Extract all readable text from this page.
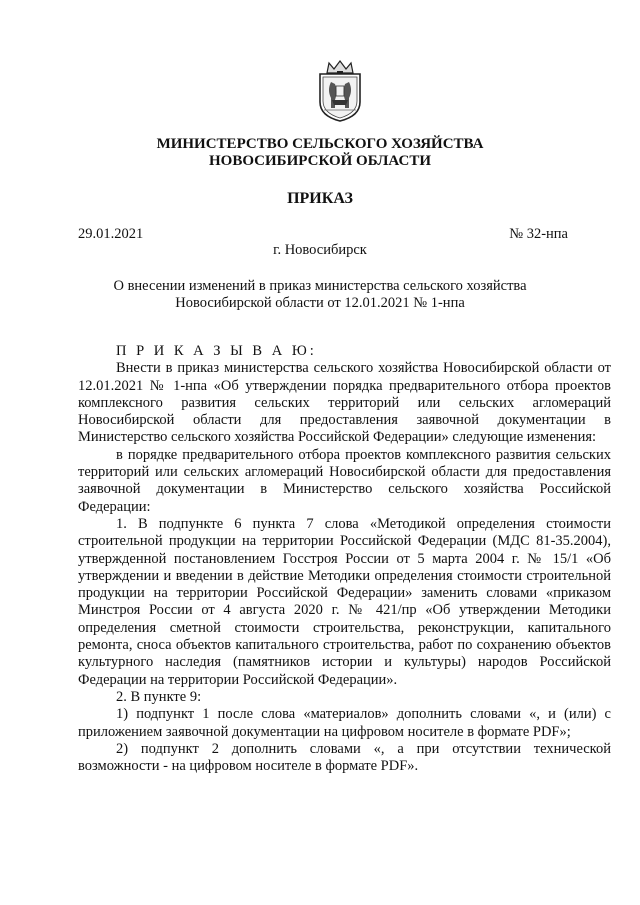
МИНИСТЕРСТВО СЕЛЬСКОГО ХОЗЯЙСТВА
НОВОСИБИРСКОЙ ОБЛАСТИ
ПРИКАЗ
29.01.2021	№ 32-нпа
г. Новосибирск
О внесении изменений в приказ министерства сельского хозяйства
Новосибирской области от 12.01.2021 № 1-нпа

П Р И К А З Ы В А Ю:

Внести в приказ министерства сельского хозяйства Новосибирской области от 12.01.2021 № 1-нпа «Об утверждении порядка предварительного отбора проектов комплексного развития сельских территорий или сельских агломераций Новосибирской области для предоставления заявочной документации в Министерство сельского хозяйства Российской Федерации» следующие изменения:

в порядке предварительного отбора проектов комплексного развития сельских территорий или сельских агломераций Новосибирской области для предоставления заявочной документации в Министерство сельского хозяйства Российской Федерации:

1. В подпункте 6 пункта 7 слова «Методикой определения стоимости строительной продукции на территории Российской Федерации (МДС 81-35.2004), утвержденной постановлением Госстроя России от 5 марта 2004 г. № 15/1 «Об утверждении и введении в действие Методики определения стоимости строительной продукции на территории Российской Федерации» заменить словами «приказом Минстроя России от 4 августа 2020 г. № 421/пр «Об утверждении Методики определения сметной стоимости строительства, реконструкции, капитального ремонта, сноса объектов капитального строительства, работ по сохранению объектов культурного наследия (памятников истории и культуры) народов Российской Федерации на территории Российской Федерации».

2. В пункте 9:

1) подпункт 1 после слова «материалов» дополнить словами «, и (или) с приложением заявочной документации на цифровом носителе в формате PDF»;

2) подпункт 2 дополнить словами «, а при отсутствии технической возможности - на цифровом носителе в формате PDF».
